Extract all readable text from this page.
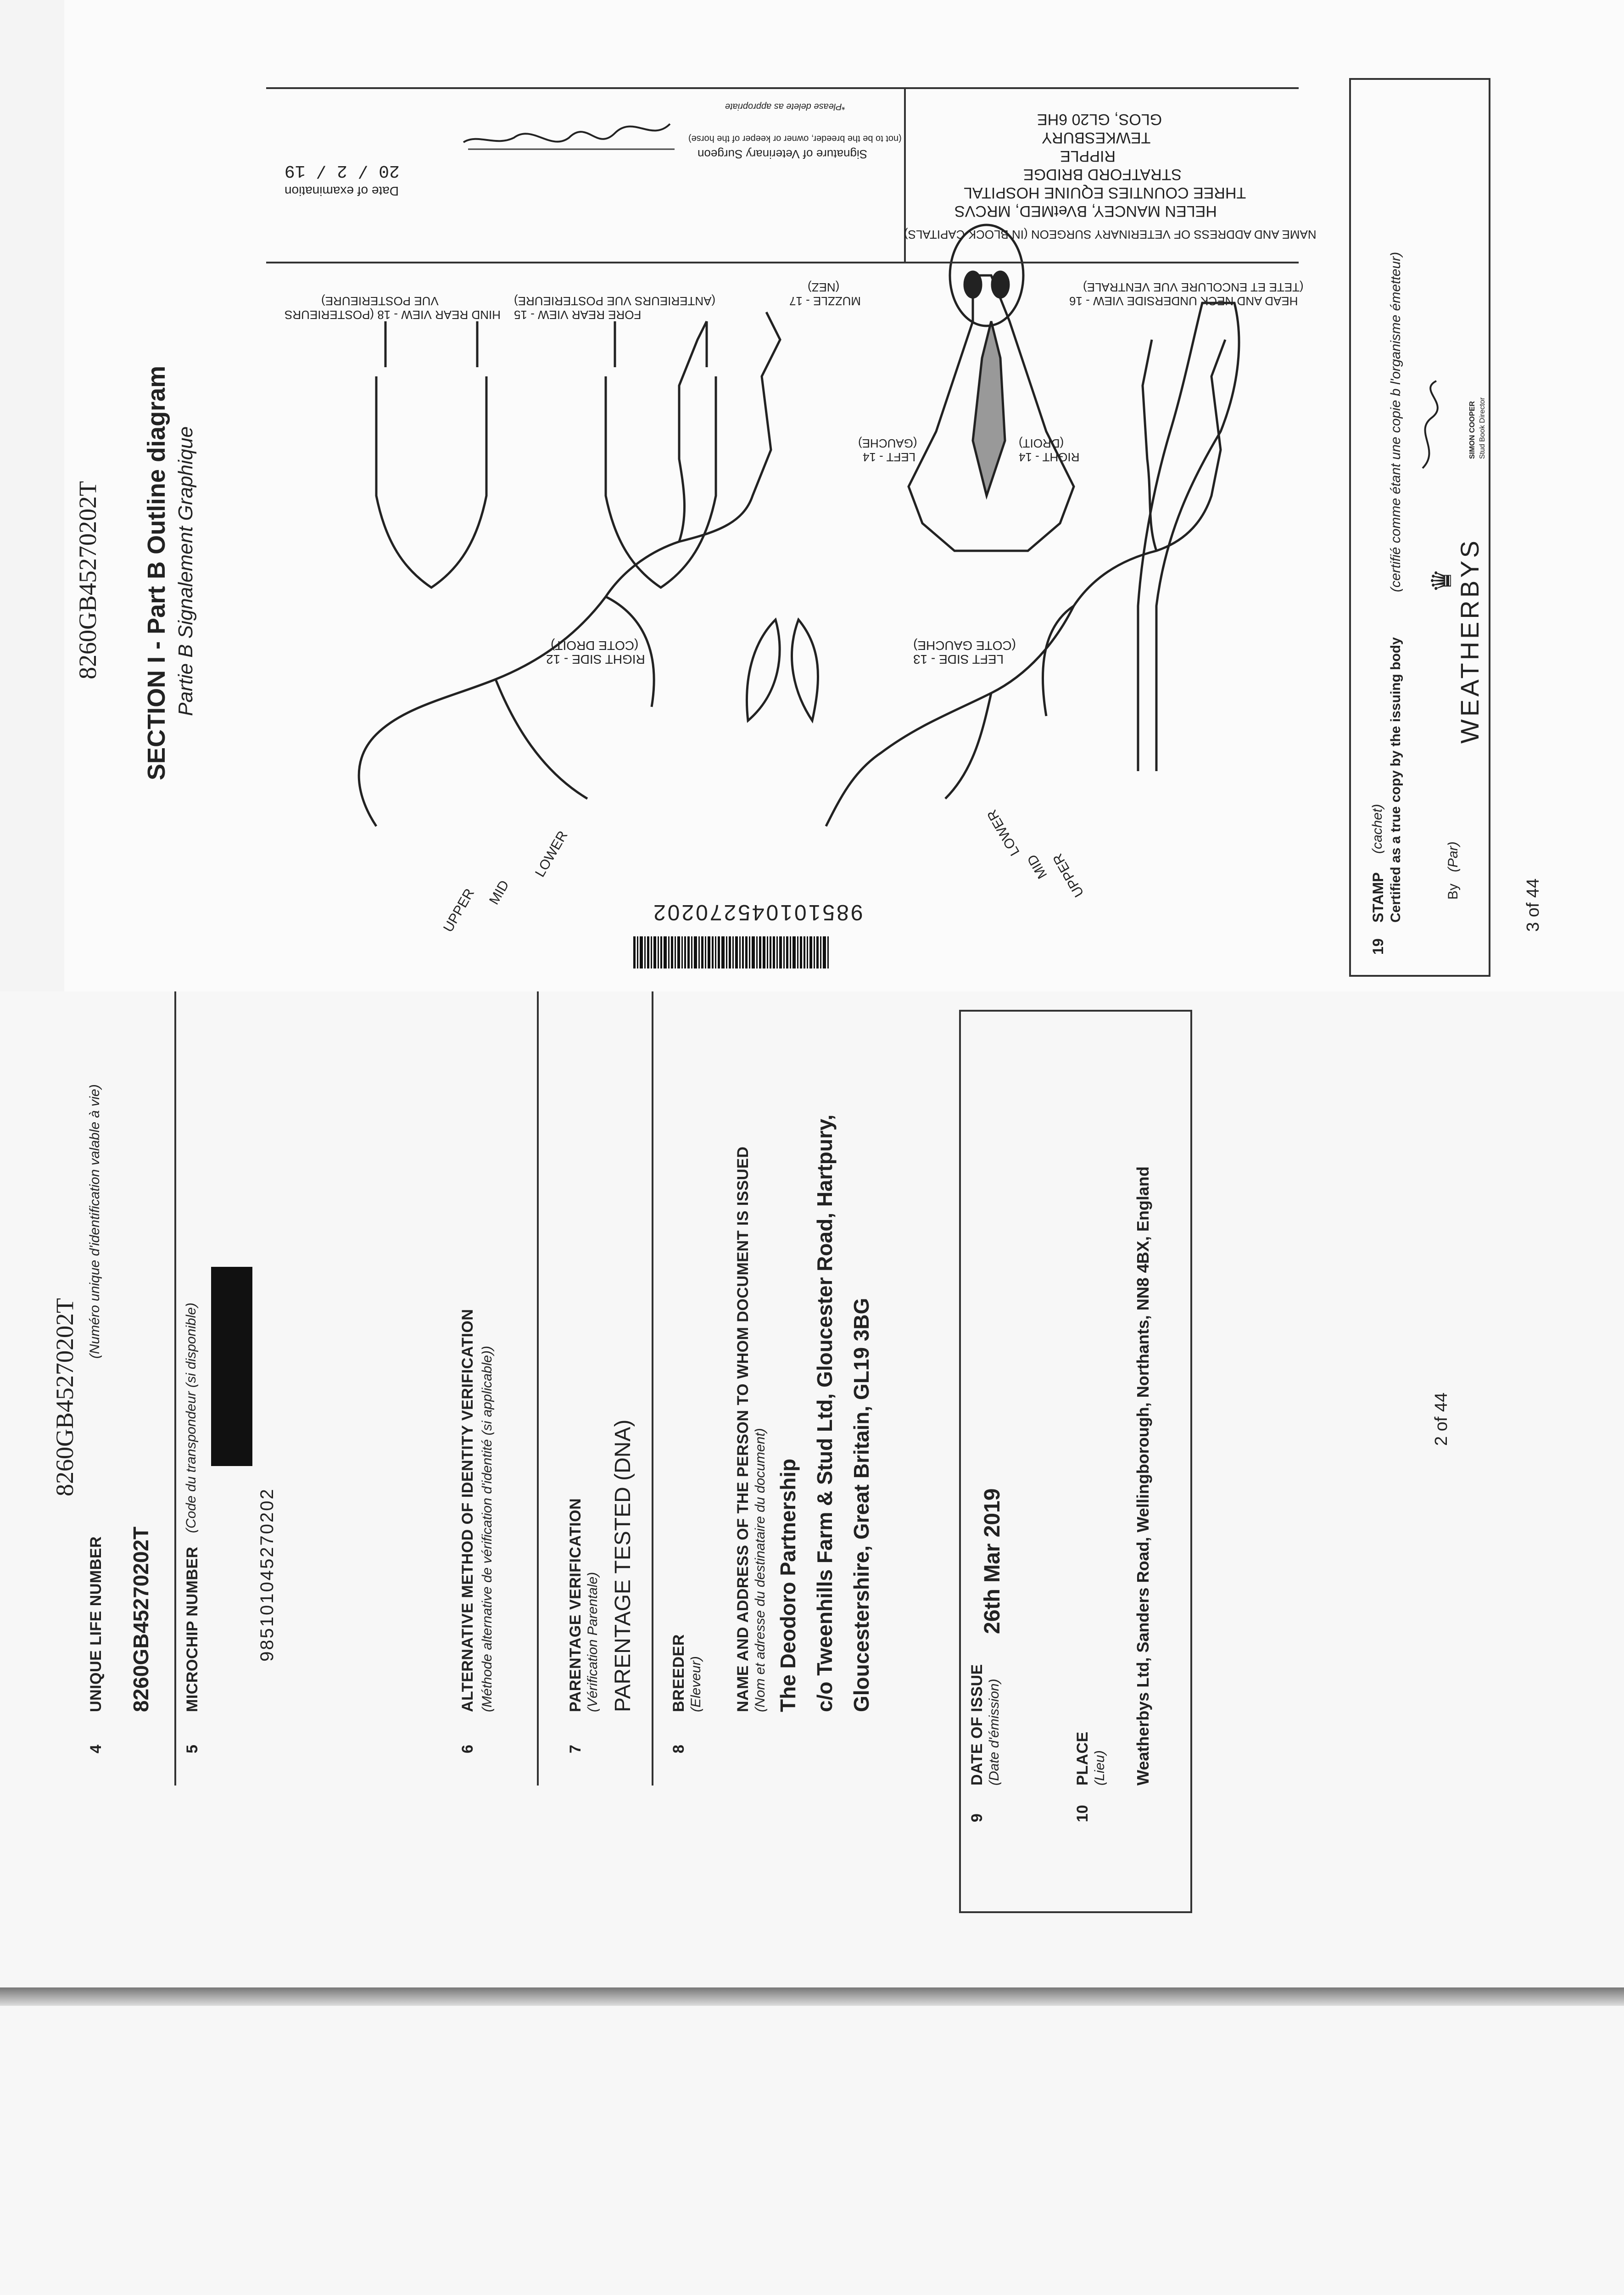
8260GB45270202T SECTION I - Part B Outline diagram Partie B Signalement Graphique
UPPER MID
LOWER	UPPER
MID
LOWER
RIGHT SIDE - 12
(COTE DROIT)
LEFT SIDE - 13
(COTE GAUCHE)
LEFT - 14
(GAUCHE)
RIGHT - 14
(DROIT)
MUZZLE - 17
(NEZ)
HEAD AND NECK UNDERSIDE VIEW - 16
(TETE ET ENCOLURE VUE VENTRALE)
FORE REAR VIEW - 15
(ANTERIEURS VUE POSTERIEURE)
HIND REAR VIEW - 18 (POSTERIEURS
VUE POSTERIEURE)
985101045270202
NAME AND ADDRESS OF VETERINARY SURGEON (IN BLOCK CAPITALS)
HELEN MANCEY, BVetMED, MRCVS
THREE COUNTIES EQUINE HOSPITAL
STRATFORD BRIDGE
RIPPLE
TEWKESBURY
GLOS, GL20 6HE
20 / 2 / 19
Date of examination
Signature of Veterinary Surgeon
(not to be the breeder, owner or keeper of the horse)
*Please delete as appropriate
19
STAMP
(cachet) Certified as a true copy by the issuing body
(certifié comme étant une copie b l'organisme émetteur)
By
(Par)
WEATHERBYS
♛
SIMON COOPER Stud Book Director
3 of 44
8260GB45270202T
4
UNIQUE LIFE NUMBER
(Numéro unique d'identification valable à vie)
8260GB45270202T
5
MICROCHIP NUMBER
(Code du transpondeur (si disponible)
985101045270202
6
ALTERNATIVE METHOD OF IDENTITY VERIFICATION (Méthode alternative de vérification d'identité (si applicable))
7
PARENTAGE VERIFICATION (Vérification Parentale) PARENTAGE TESTED (DNA)
8
BREEDER (Eleveur) NAME AND ADDRESS OF THE PERSON TO WHOM DOCUMENT IS ISSUED (Nom et adresse du destinataire du document) The Deodoro Partnership c/o Tweenhills Farm & Stud Ltd, Gloucester Road, Hartpury, Gloucestershire, Great Britain, GL19 3BG
9
DATE OF ISSUE (Date d'émission)
26th Mar 2019
10
PLACE (Lieu) Weatherbys Ltd, Sanders Road, Wellingborough, Northants, NN8 4BX, England	2 of 44
